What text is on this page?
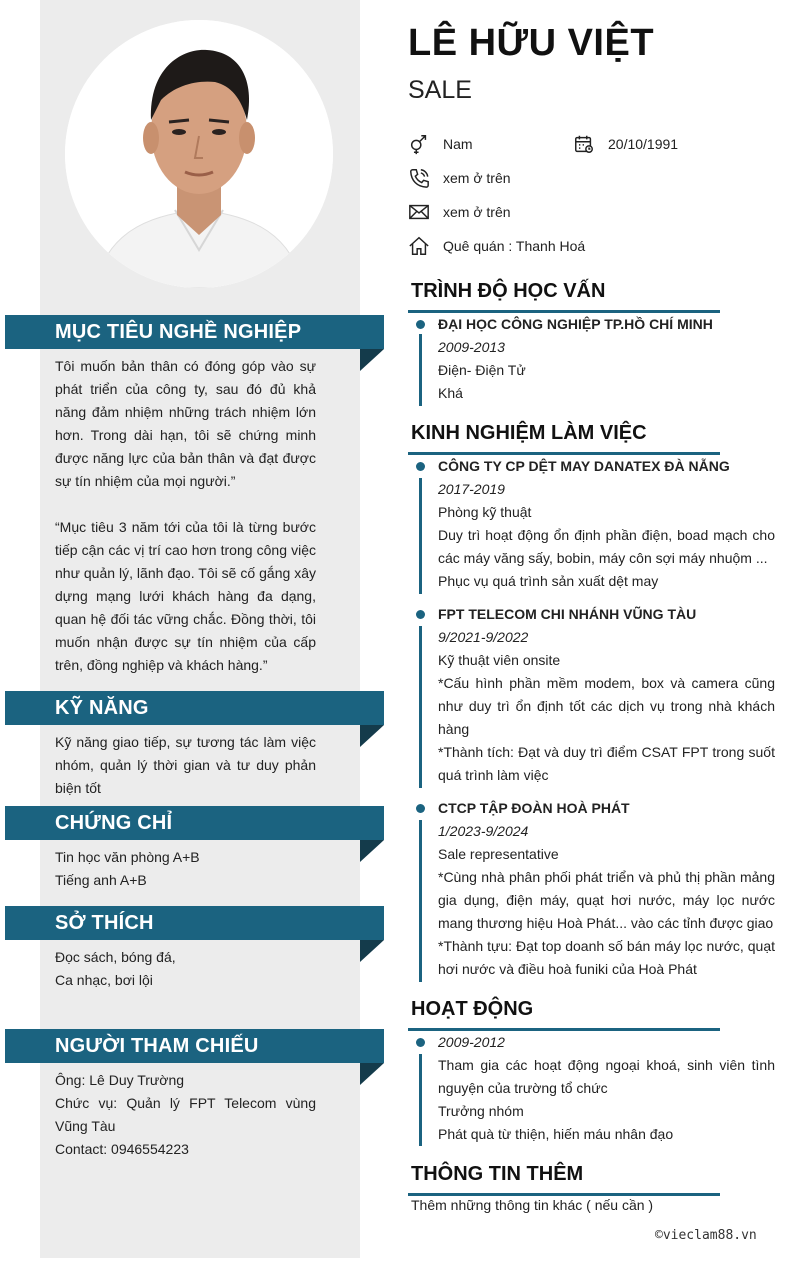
MỤC TIÊU NGHỀ NGHIỆP

Tôi muốn bản thân có đóng góp vào sự phát triển của công ty, sau đó đủ khả năng đảm nhiệm những trách nhiệm lớn hơn. Trong dài hạn, tôi sẽ chứng minh được năng lực của bản thân và đạt được sự tín nhiệm của mọi người.”

“Mục tiêu 3 năm tới của tôi là từng bước tiếp cận các vị trí cao hơn trong công việc như quản lý, lãnh đạo. Tôi sẽ cố gắng xây dựng mạng lưới khách hàng đa dạng, quan hệ đối tác vững chắc. Đồng thời, tôi muốn nhận được sự tín nhiệm của cấp trên, đồng nghiệp và khách hàng.”

KỸ NĂNG

Kỹ năng giao tiếp, sự tương tác làm việc nhóm, quản lý thời gian và tư duy phản biện tốt

CHỨNG CHỈ

Tin học văn phòng A+B

Tiếng anh A+B

SỞ THÍCH

Đọc sách, bóng đá,

Ca nhạc, bơi lội

NGƯỜI THAM CHIẾU

Ông: Lê Duy Trường

Chức vụ: Quản lý FPT Telecom vùng Vũng Tàu

Contact: 0946554223

LÊ HỮU VIỆT
SALE
Nam	20/10/1991
xem ở trên
xem ở trên
Quê quán : Thanh Hoá
TRÌNH ĐỘ HỌC VẤN

ĐẠI HỌC CÔNG NGHIỆP TP.HỒ CHÍ MINH

2009-2013

Điện- Điện Tử

Khá

KINH NGHIỆM LÀM VIỆC

CÔNG TY CP DỆT MAY DANATEX ĐÀ NẴNG

2017-2019

Phòng kỹ thuật

Duy trì hoạt động ổn định phần điện, boad mạch cho các máy văng sấy, bobin, máy côn sợi máy nhuộm ...

Phục vụ quá trình sản xuất dệt may

FPT TELECOM CHI NHÁNH VŨNG TÀU

9/2021-9/2022

Kỹ thuật viên onsite

*Cấu hình phần mềm modem, box và camera cũng như duy trì ổn định tốt các dịch vụ trong nhà khách hàng

*Thành tích: Đạt và duy trì điểm CSAT FPT trong suốt quá trình làm việc

CTCP TẬP ĐOÀN HOÀ PHÁT

1/2023-9/2024

Sale representative

*Cùng nhà phân phối phát triển và phủ thị phần mảng gia dụng, điện máy, quạt hơi nước, máy lọc nước mang thương hiệu Hoà Phát... vào các tỉnh được giao

*Thành tựu: Đạt top doanh số bán máy lọc nước, quạt hơi nước và điều hoà funiki của Hoà Phát

HOẠT ĐỘNG

2009-2012

Tham gia các hoạt động ngoại khoá, sinh viên tình nguyện của trường tổ chức

Trưởng nhóm

Phát quà từ thiện, hiến máu nhân đạo

THÔNG TIN THÊM
Thêm những thông tin khác ( nếu cần )
©vieclam88.vn
